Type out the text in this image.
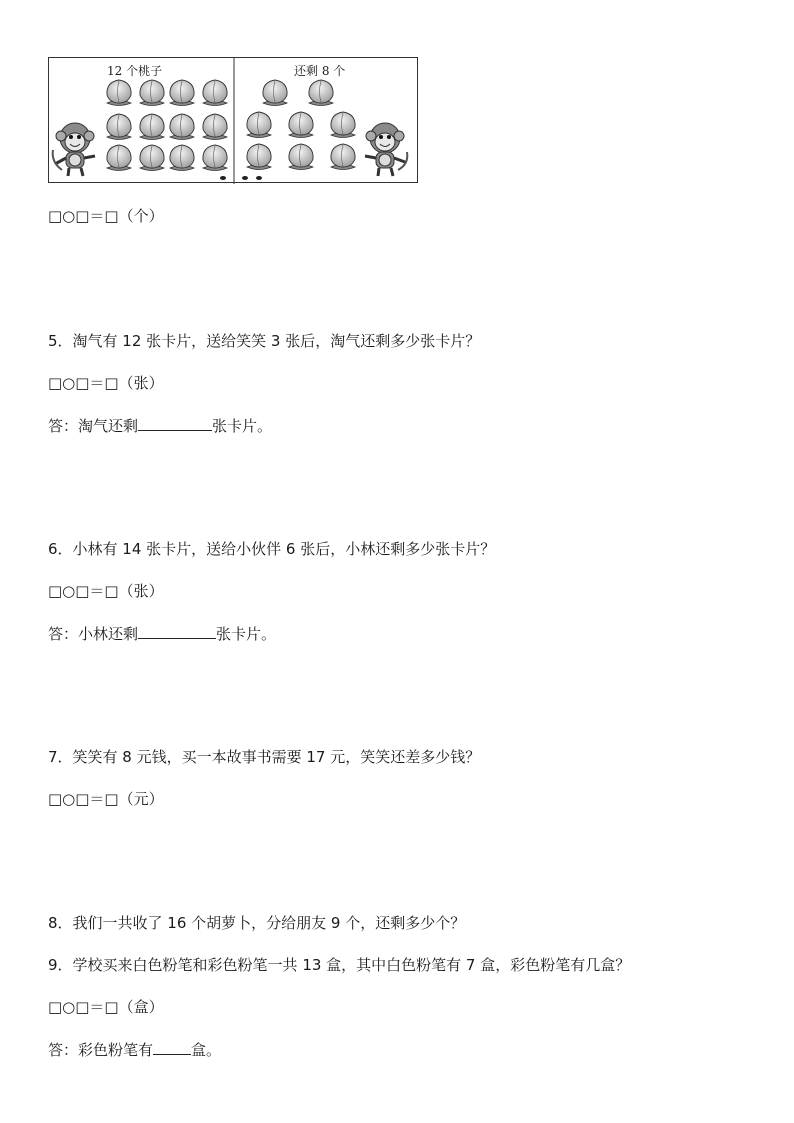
12 个桃子	还剩 8 个
□○□＝□（个）
5．淘气有 12 张卡片，送给笑笑 3 张后，淘气还剩多少张卡片？
□○□＝□（张）
答：淘气还剩	张卡片。
6．小林有 14 张卡片，送给小伙伴 6 张后，小林还剩多少张卡片？
□○□＝□（张）
答：小林还剩	张卡片。
7．笑笑有 8 元钱，买一本故事书需要 17 元，笑笑还差多少钱？
□○□＝□（元）
8．我们一共收了 16 个胡萝卜，分给朋友 9 个，还剩多少个？
9．学校买来白色粉笔和彩色粉笔一共 13 盒，其中白色粉笔有 7 盒，彩色粉笔有几盒？
□○□＝□（盒）
答：彩色粉笔有	盒。
